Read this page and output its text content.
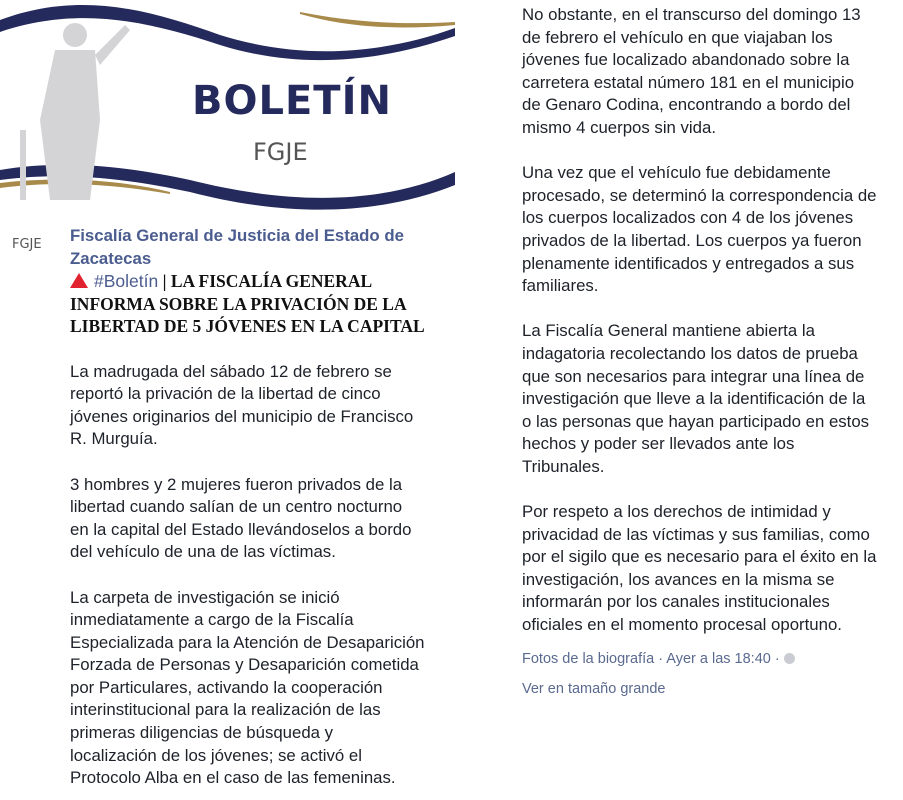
BOLETÍN
FGJE
FGJE Fiscalía General de Justicia del Estado de
Zacatecas
#Boletín | LA FISCALÍA GENERAL
INFORMA SOBRE LA PRIVACIÓN DE LA
LIBERTAD DE 5 JÓVENES EN LA CAPITAL
La madrugada del sábado 12 de febrero se
reportó la privación de la libertad de cinco
jóvenes originarios del municipio de Francisco
R. Murguía.
3 hombres y 2 mujeres fueron privados de la
libertad cuando salían de un centro nocturno
en la capital del Estado llevándoselos a bordo
del vehículo de una de las víctimas.
La carpeta de investigación se inició
inmediatamente a cargo de la Fiscalía
Especializada para la Atención de Desaparición
Forzada de Personas y Desaparición cometida
por Particulares, activando la cooperación
interinstitucional para la realización de las
primeras diligencias de búsqueda y
localización de los jóvenes; se activó el
Protocolo Alba en el caso de las femeninas.
No obstante, en el transcurso del domingo 13
de febrero el vehículo en que viajaban los
jóvenes fue localizado abandonado sobre la
carretera estatal número 181 en el municipio
de Genaro Codina, encontrando a bordo del
mismo 4 cuerpos sin vida.
Una vez que el vehículo fue debidamente
procesado, se determinó la correspondencia de
los cuerpos localizados con 4 de los jóvenes
privados de la libertad. Los cuerpos ya fueron
plenamente identificados y entregados a sus
familiares.
La Fiscalía General mantiene abierta la
indagatoria recolectando los datos de prueba
que son necesarios para integrar una línea de
investigación que lleve a la identificación de la
o las personas que hayan participado en estos
hechos y poder ser llevados ante los
Tribunales.
Por respeto a los derechos de intimidad y
privacidad de las víctimas y sus familias, como
por el sigilo que es necesario para el éxito en la
investigación, los avances en la misma se
informarán por los canales institucionales
oficiales en el momento procesal oportuno.
Fotos de la biografía · Ayer a las 18:40 ·
Ver en tamaño grande
